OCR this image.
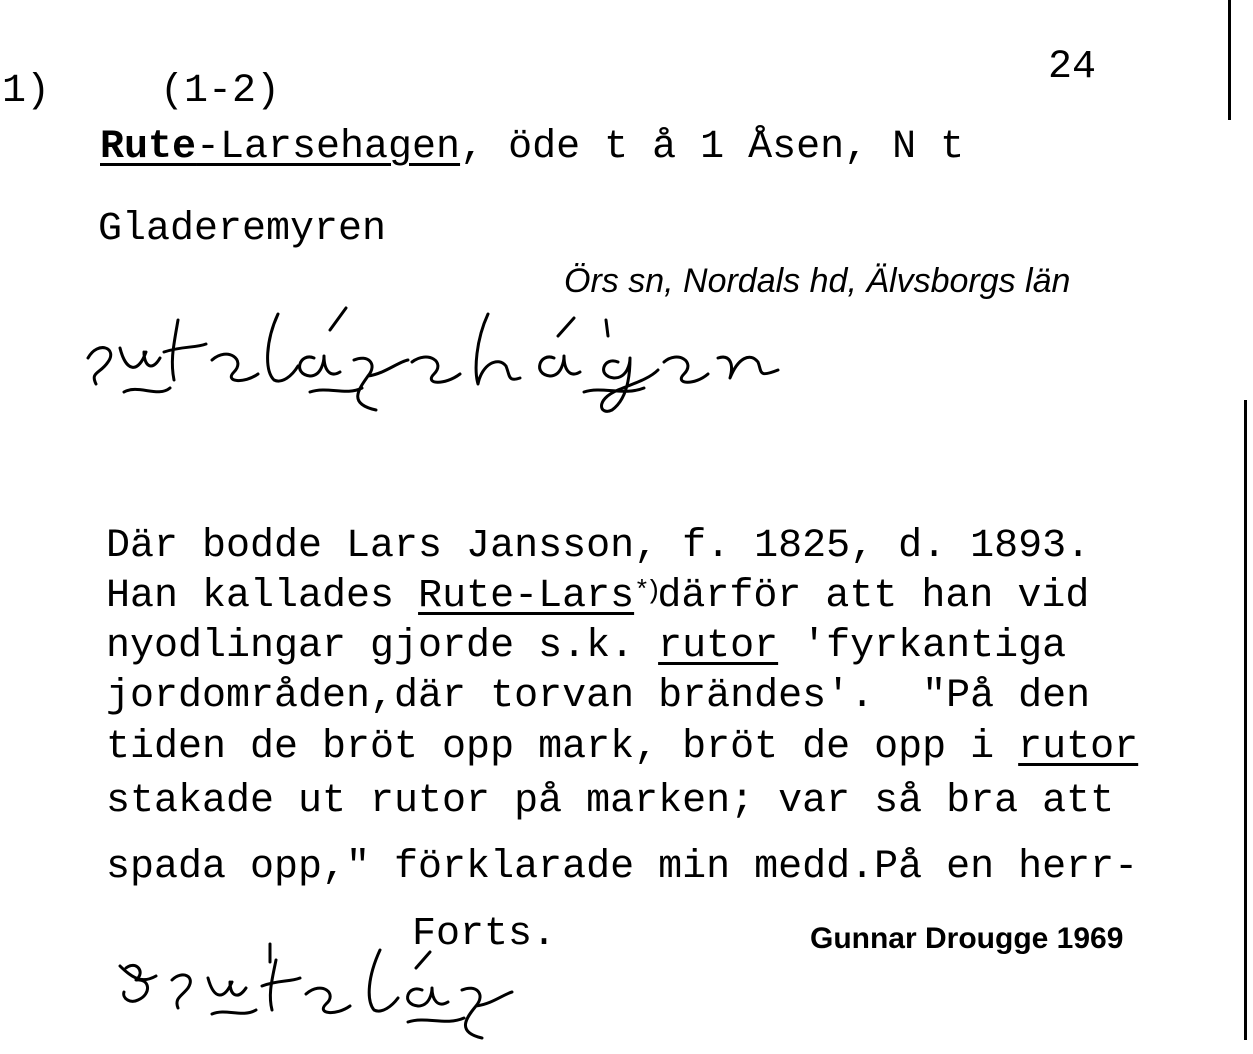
1)	(1-2)
24
Rute-Larsehagen, öde t å 1 Åsen, N t
Gladeremyren
Örs sn, Nordals hd, Älvsborgs län
Där bodde Lars Jansson, f. 1825, d. 1893.
Han kallades Rute-Lars*)därför att han vid
nyodlingar gjorde s.k. rutor 'fyrkantiga
jordområden,där torvan brändes'.  "På den
tiden de bröt opp mark, bröt de opp i rutor
stakade ut rutor på marken; var så bra att
spada opp," förklarade min medd.På en herr-
Forts.	Gunnar Drougge 1969
